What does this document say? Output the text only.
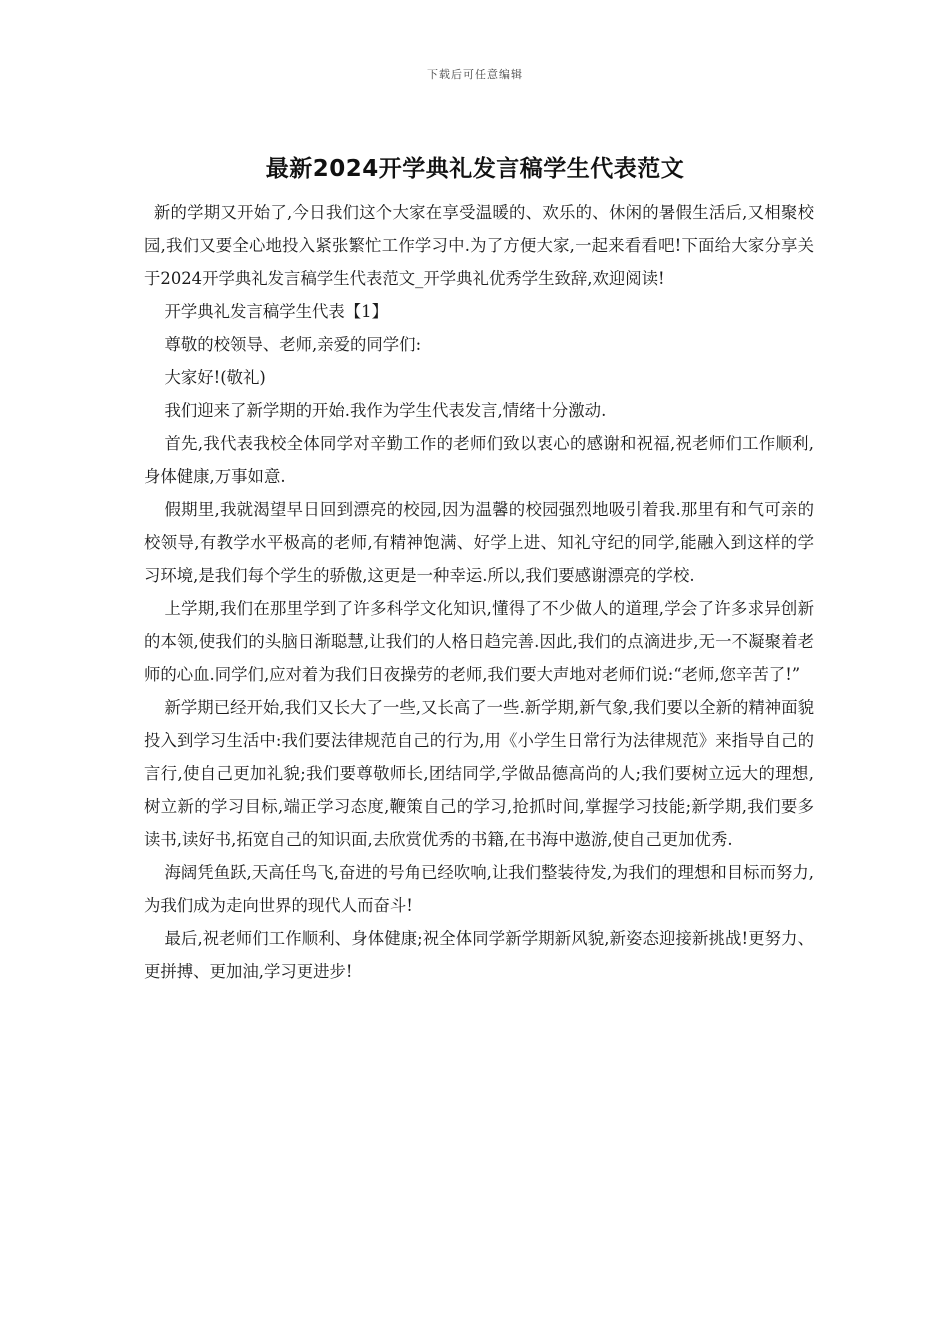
下载后可任意编辑
最新2024开学典礼发言稿学生代表范文

新的学期又开始了,今日我们这个大家在享受温暖的、欢乐的、休闲的暑假生活后,又相聚校园,我们又要全心地投入紧张繁忙工作学习中.为了方便大家,一起来看看吧!下面给大家分享关于2024开学典礼发言稿学生代表范文_开学典礼优秀学生致辞,欢迎阅读!

开学典礼发言稿学生代表【1】

尊敬的校领导、老师,亲爱的同学们:

大家好!(敬礼)

我们迎来了新学期的开始.我作为学生代表发言,情绪十分激动.

首先,我代表我校全体同学对辛勤工作的老师们致以衷心的感谢和祝福,祝老师们工作顺利,身体健康,万事如意.

假期里,我就渴望早日回到漂亮的校园,因为温馨的校园强烈地吸引着我.那里有和气可亲的校领导,有教学水平极高的老师,有精神饱满、好学上进、知礼守纪的同学,能融入到这样的学习环境,是我们每个学生的骄傲,这更是一种幸运.所以,我们要感谢漂亮的学校.

上学期,我们在那里学到了许多科学文化知识,懂得了不少做人的道理,学会了许多求异创新的本领,使我们的头脑日渐聪慧,让我们的人格日趋完善.因此,我们的点滴进步,无一不凝聚着老师的心血.同学们,应对着为我们日夜操劳的老师,我们要大声地对老师们说:“老师,您辛苦了!”

新学期已经开始,我们又长大了一些,又长高了一些.新学期,新气象,我们要以全新的精神面貌投入到学习生活中:我们要法律规范自己的行为,用《小学生日常行为法律规范》来指导自己的言行,使自己更加礼貌;我们要尊敬师长,团结同学,学做品德高尚的人;我们要树立远大的理想,树立新的学习目标,端正学习态度,鞭策自己的学习,抢抓时间,掌握学习技能;新学期,我们要多读书,读好书,拓宽自己的知识面,去欣赏优秀的书籍,在书海中遨游,使自己更加优秀.

海阔凭鱼跃,天高任鸟飞,奋进的号角已经吹响,让我们整装待发,为我们的理想和目标而努力,为我们成为走向世界的现代人而奋斗!

最后,祝老师们工作顺利、身体健康;祝全体同学新学期新风貌,新姿态迎接新挑战!更努力、更拼搏、更加油,学习更进步!
